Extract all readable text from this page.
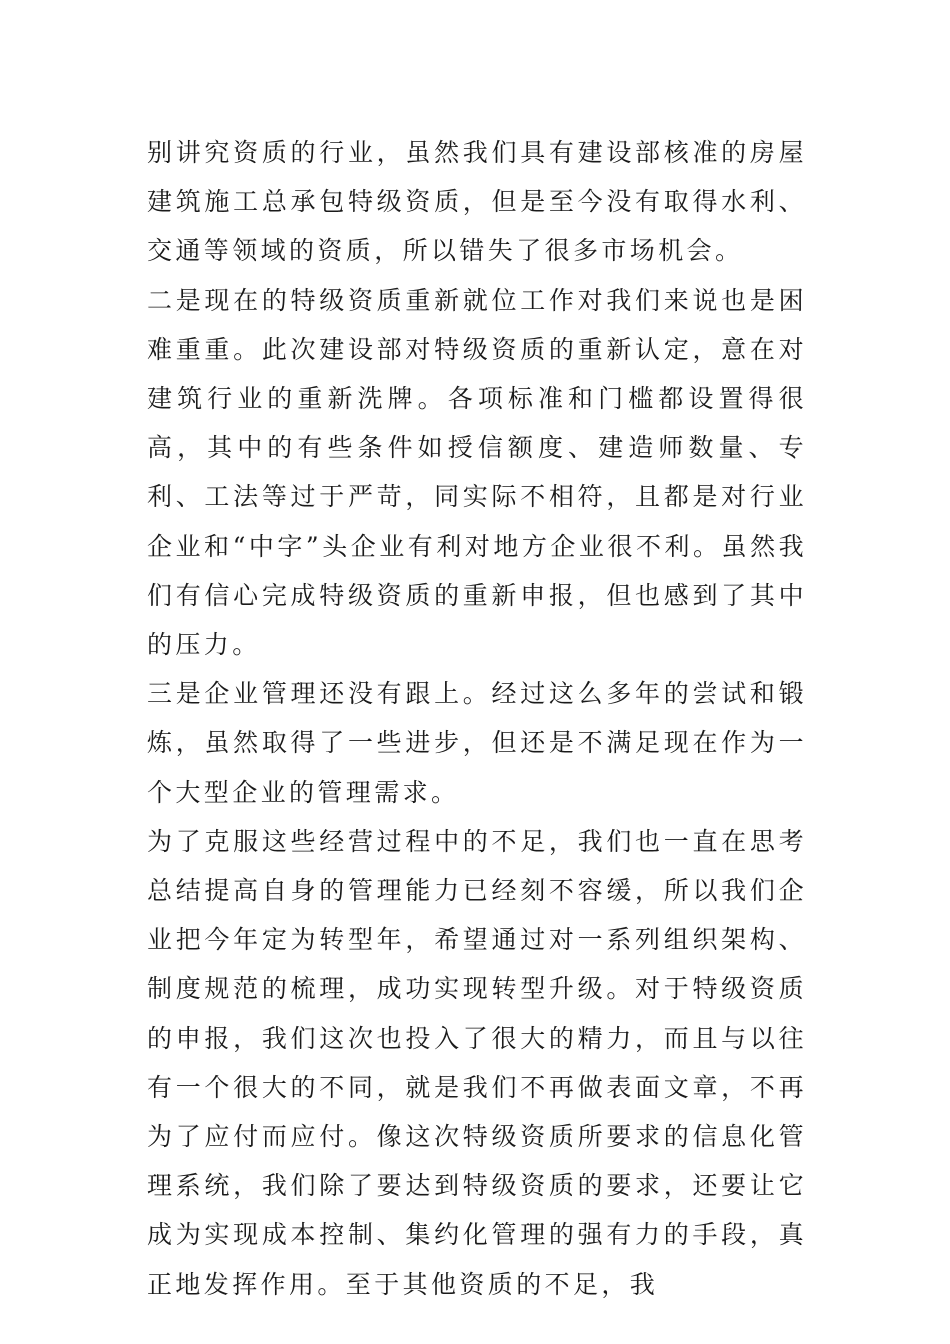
别讲究资质的行业，虽然我们具有建设部核准的房屋建筑施工总承包特级资质，但是至今没有取得水利、交通等领域的资质，所以错失了很多市场机会。

二是现在的特级资质重新就位工作对我们来说也是困难重重。此次建设部对特级资质的重新认定，意在对建筑行业的重新洗牌。各项标准和门槛都设置得很高，其中的有些条件如授信额度、建造师数量、专利、工法等过于严苛，同实际不相符，且都是对行业企业和“中字”头企业有利对地方企业很不利。虽然我们有信心完成特级资质的重新申报，但也感到了其中的压力。

三是企业管理还没有跟上。经过这么多年的尝试和锻炼，虽然取得了一些进步，但还是不满足现在作为一个大型企业的管理需求。

为了克服这些经营过程中的不足，我们也一直在思考总结提高自身的管理能力已经刻不容缓，所以我们企业把今年定为转型年，希望通过对一系列组织架构、制度规范的梳理，成功实现转型升级。对于特级资质的申报，我们这次也投入了很大的精力，而且与以往有一个很大的不同，就是我们不再做表面文章，不再为了应付而应付。像这次特级资质所要求的信息化管理系统，我们除了要达到特级资质的要求，还要让它成为实现成本控制、集约化管理的强有力的手段，真正地发挥作用。至于其他资质的不足，我
